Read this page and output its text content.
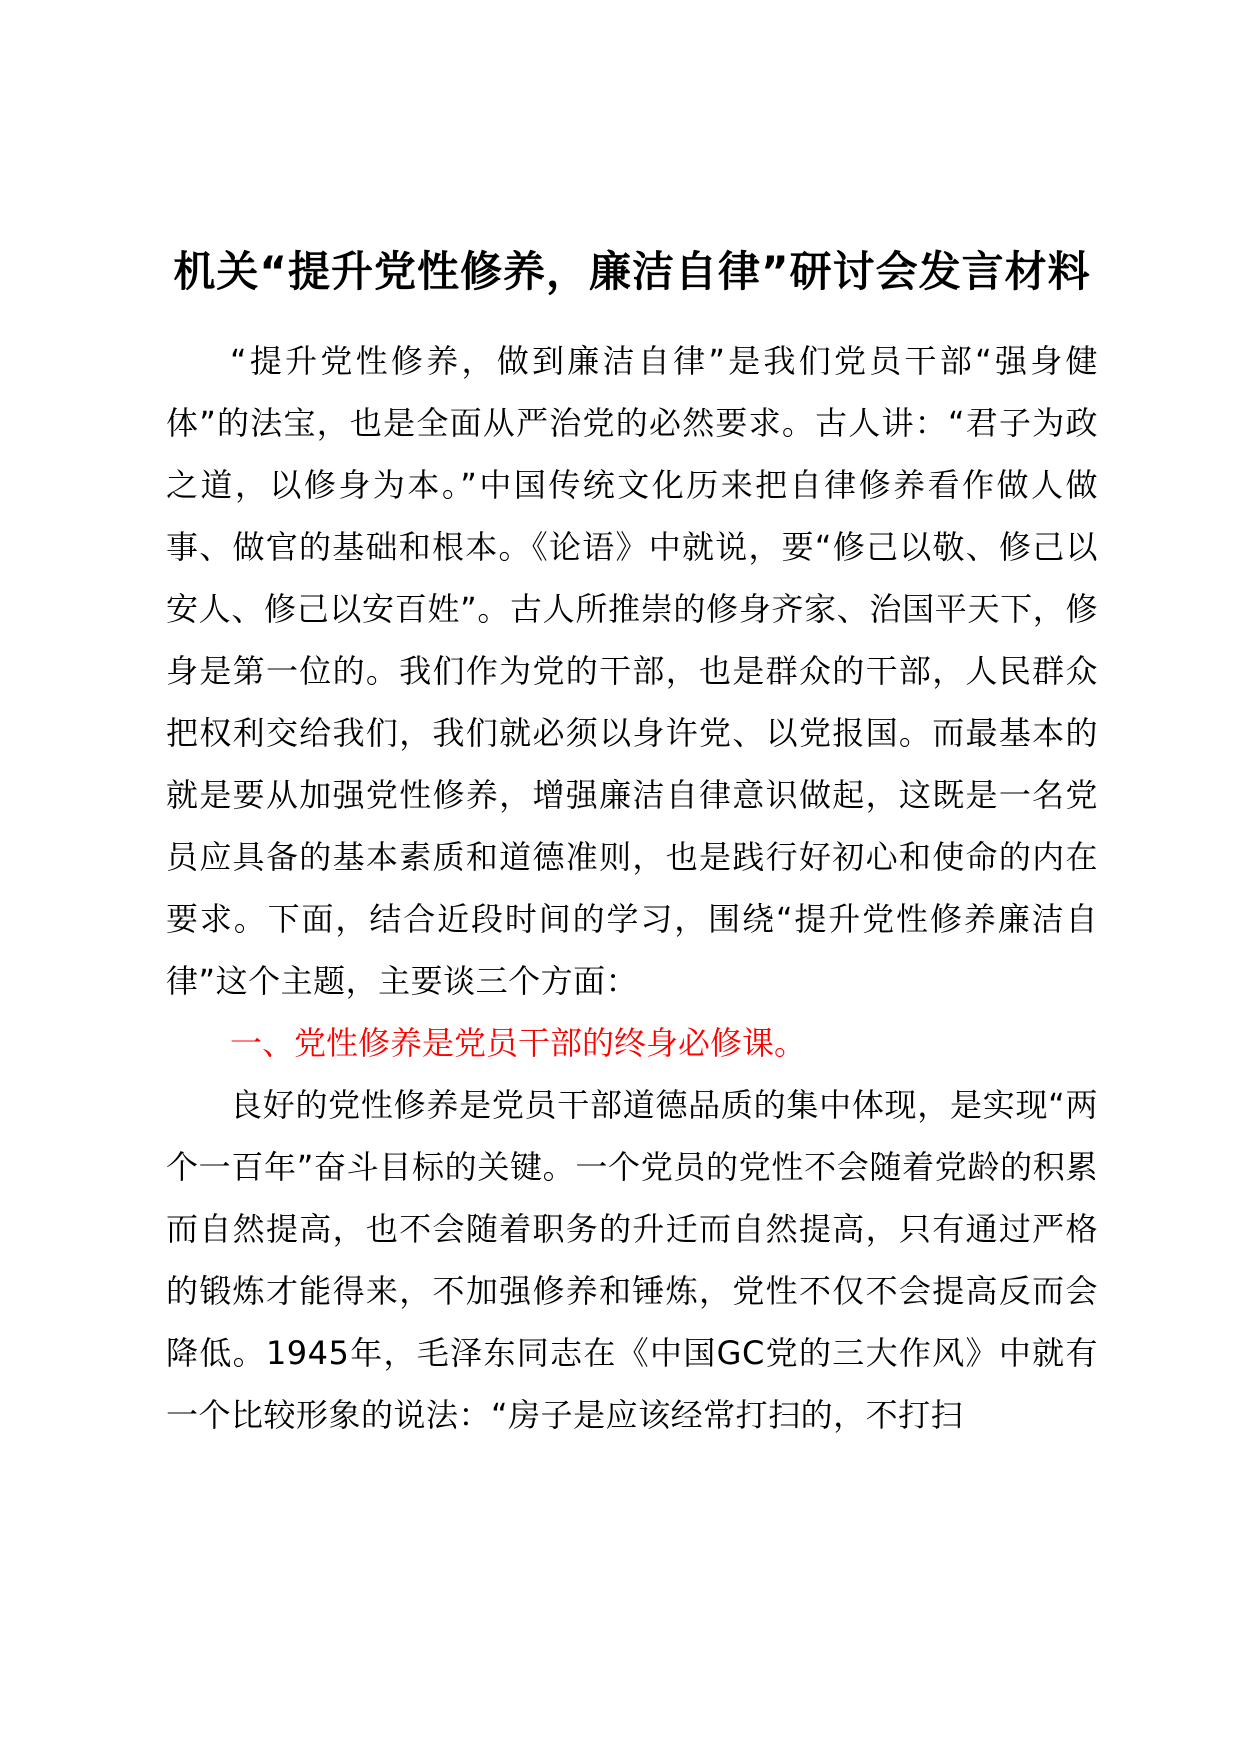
机关“提升党性修养，廉洁自律”研讨会发言材料

“提升党性修养，做到廉洁自律”是我们党员干部“强身健体”的法宝，也是全面从严治党的必然要求。古人讲：“君子为政之道，以修身为本。”中国传统文化历来把自律修养看作做人做事、做官的基础和根本。《论语》中就说，要“修己以敬、修己以安人、修己以安百姓”。古人所推崇的修身齐家、治国平天下，修身是第一位的。我们作为党的干部，也是群众的干部，人民群众把权利交给我们，我们就必须以身许党、以党报国。而最基本的就是要从加强党性修养，增强廉洁自律意识做起，这既是一名党员应具备的基本素质和道德准则，也是践行好初心和使命的内在要求。下面，结合近段时间的学习，围绕“提升党性修养廉洁自律”这个主题，主要谈三个方面：

一、党性修养是党员干部的终身必修课。

良好的党性修养是党员干部道德品质的集中体现，是实现“两个一百年”奋斗目标的关键。一个党员的党性不会随着党龄的积累而自然提高，也不会随着职务的升迁而自然提高，只有通过严格的锻炼才能得来，不加强修养和锤炼，党性不仅不会提高反而会降低。1945年，毛泽东同志在《中国GC党的三大作风》中就有一个比较形象的说法：“房子是应该经常打扫的，不打扫
